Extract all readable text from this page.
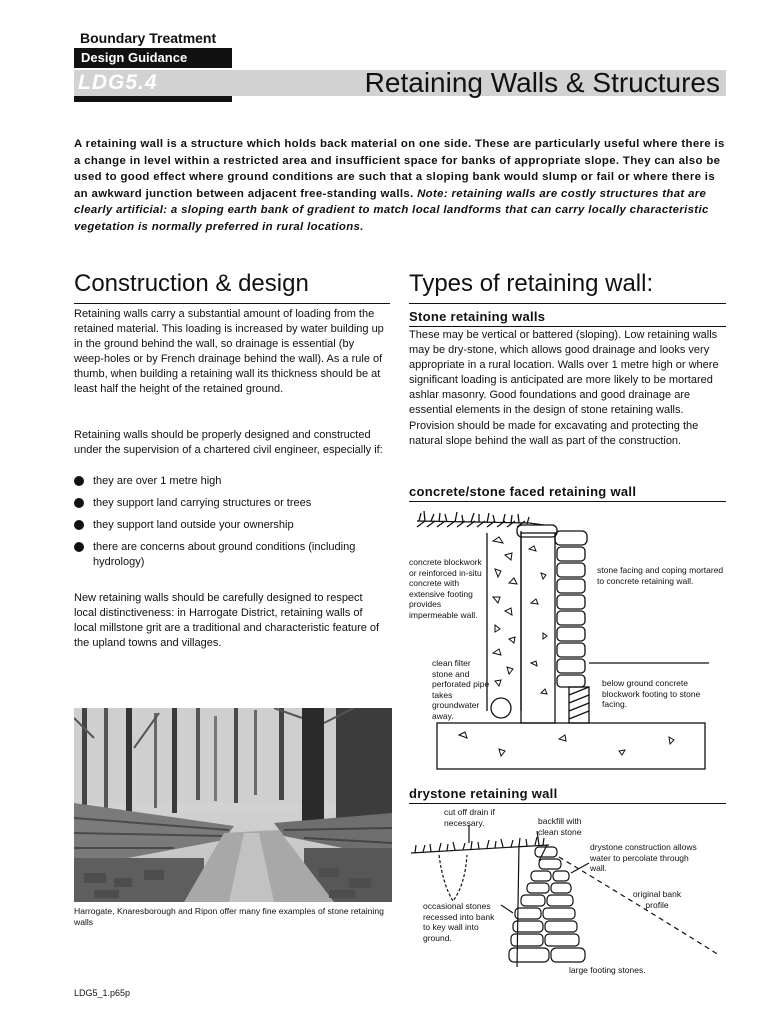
Boundary Treatment
Design Guidance
LDG5.4	Retaining Walls & Structures

A retaining wall is a structure which holds back material on one side. These are particularly useful where there is a change in level within a restricted area and insufficient space for banks of appropriate slope. They can also be used to good effect where ground conditions are such that a sloping bank would slump or fail or where there is an awkward junction between adjacent free-standing walls. Note: retaining walls are costly structures that are clearly artificial: a sloping earth bank of gradient to match local landforms that can carry locally characteristic vegetation is normally preferred in rural locations.

Construction & design

Retaining walls carry a substantial amount of loading from the retained material. This loading is increased by water building up in the ground behind the wall, so drainage is essential (by weep-holes or by French drainage behind the wall). As a rule of thumb, when building a retaining wall its thickness should be at least half the height of the retained ground.

Retaining walls should be properly designed and constructed under the supervision of a chartered civil engineer, especially if:

they are over 1 metre high
they support land carrying structures or trees
they support land outside your ownership
there are concerns about ground conditions (including hydrology)

New retaining walls should be carefully designed to respect local distinctiveness: in Harrogate District, retaining walls of local millstone grit are a traditional and characteristic feature of the upland towns and villages.

Harrogate, Knaresborough and Ripon offer many fine examples of stone retaining walls

Types of retaining wall:
Stone retaining walls

These may be vertical or battered (sloping). Low retaining walls may be dry-stone, which allows good drainage and looks very appropriate in a rural location. Walls over 1 metre high or where significant loading is anticipated are more likely to be mortared ashlar masonry. Good foundations and good drainage are essential elements in the design of stone retaining walls. Provision should be made for excavating and protecting the natural slope behind the wall as part of the construction.

concrete/stone faced retaining wall
concrete blockwork or reinforced in-situ concrete with extensive footing provides impermeable wall.
stone facing and coping mortared to concrete retaining wall.
clean filter stone and perforated pipe takes groundwater away.
below ground concrete blockwork footing to stone facing.
drystone retaining wall
cut off drain if necessary.	backfill with clean stone
drystone construction allows water to percolate through wall.
original bank profile
occasional stones recessed into bank to key wall into ground.
large footing stones.
LDG5_1.p65p
